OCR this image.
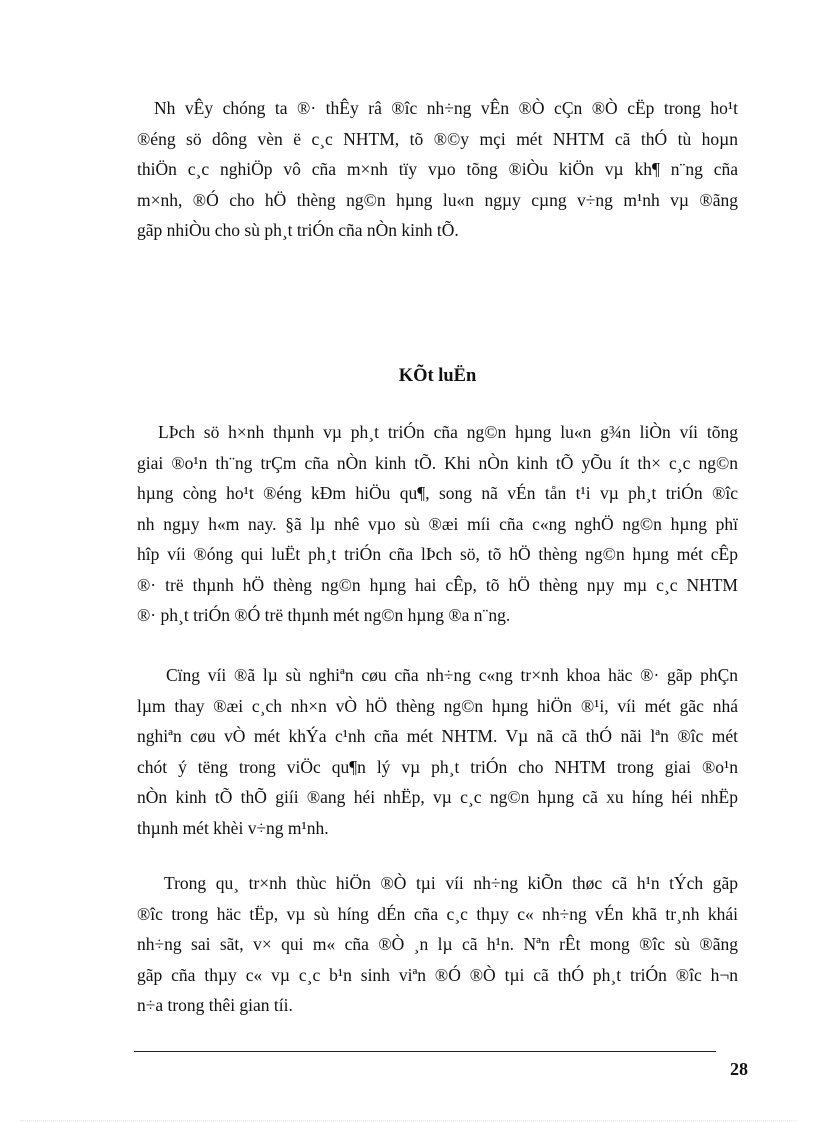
Nh vÊy chóng ta ®· thÊy râ ®îc nh÷ng vÊn ®Ò cÇn ®Ò cËp trong ho¹t
®éng sö dông vèn ë c¸c NHTM, tõ ®©y mçi mét NHTM cã thÓ tù hoµn
thiÖn c¸c nghiÖp vô cña m×nh tïy vµo tõng ®iÒu kiÖn vµ kh¶ n¨ng cña
m×nh, ®Ó cho hÖ thèng ng©n hµng lu«n ngµy cµng v÷ng m¹nh vµ ®ãng
gãp nhiÒu cho sù ph¸t triÓn cña nÒn kinh tÕ.

KÕt luËn

LÞch sö h×nh thµnh vµ ph¸t triÓn cña ng©n hµng lu«n g¾n liÒn víi tõng
giai ®o¹n th¨ng trÇm cña nÒn kinh tÕ. Khi nÒn kinh tÕ yÕu ít th× c¸c ng©n
hµng còng ho¹t ®éng kÐm hiÖu qu¶, song nã vÉn tån t¹i vµ ph¸t triÓn ®îc
nh ngµy h«m nay. §ã lµ nhê vµo sù ®æi míi cña c«ng nghÖ ng©n hµng phï
hîp víi ®óng qui luËt ph¸t triÓn cña lÞch sö, tõ hÖ thèng ng©n hµng mét cÊp
®· trë thµnh hÖ thèng ng©n hµng hai cÊp, tõ hÖ thèng nµy mµ c¸c NHTM
®· ph¸t triÓn ®Ó trë thµnh mét ng©n hµng ®a n¨ng.

Cïng víi ®ã lµ sù nghiªn cøu cña nh÷ng c«ng tr×nh khoa häc ®· gãp phÇn
lµm thay ®æi c¸ch nh×n vÒ hÖ thèng ng©n hµng hiÖn ®¹i, víi mét gãc nhá
nghiªn cøu vÒ mét khÝa c¹nh cña mét NHTM. Vµ nã cã thÓ nãi lªn ®îc mét
chót ý tëng trong viÖc qu¶n lý vµ ph¸t triÓn cho NHTM trong giai ®o¹n
nÒn kinh tÕ thÕ giíi ®ang héi nhËp, vµ c¸c ng©n hµng cã xu híng héi nhËp
thµnh mét khèi v÷ng m¹nh.

Trong qu¸ tr×nh thùc hiÖn ®Ò tµi víi nh÷ng kiÕn thøc cã h¹n tÝch gãp
®îc trong häc tËp, vµ sù híng dÉn cña c¸c thµy c« nh÷ng vÉn khã tr¸nh khái
nh÷ng sai sãt, v× qui m« cña ®Ò ¸n lµ cã h¹n. Nªn rÊt mong ®îc sù ®ãng
gãp cña thµy c« vµ c¸c b¹n sinh viªn ®Ó ®Ò tµi cã thÓ ph¸t triÓn ®îc h¬n
n÷a trong thêi gian tíi.

28
